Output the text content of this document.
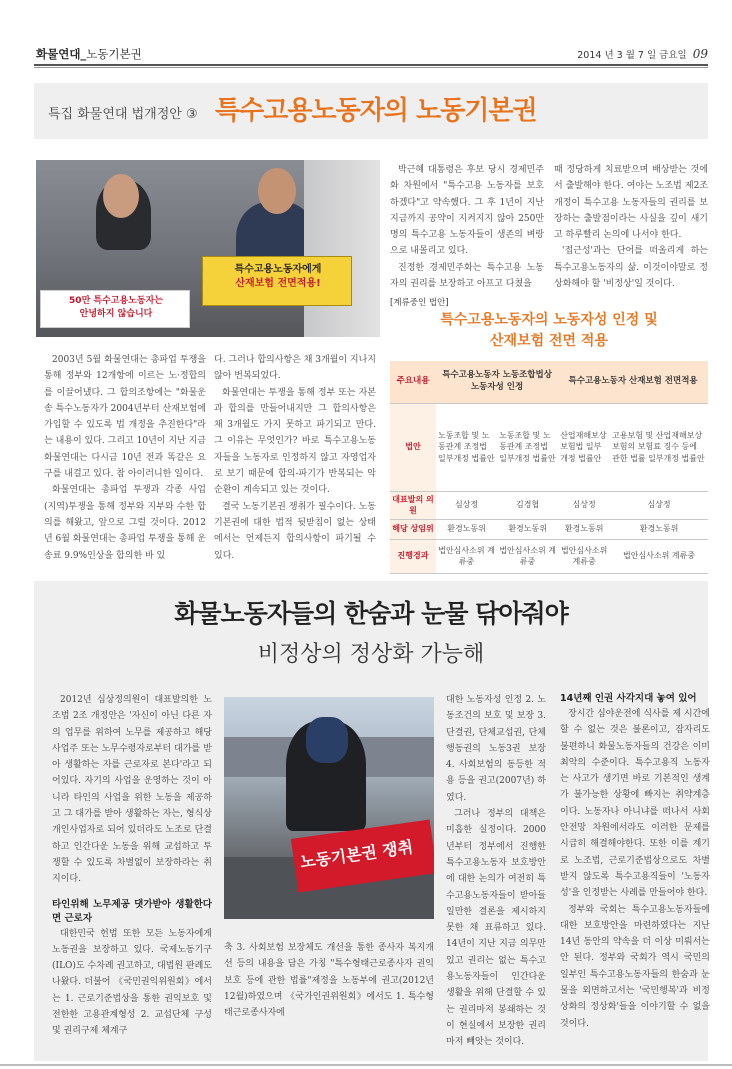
화물연대_노동기본권	2014 년 3 월 7 일 금요일 09
특집 화물연대 법개정안 ③ 특수고용노동자의 노동기본권
50만 특수고용노동자는
안녕하지 않습니다
특수고용노동자에게
산재보험 전면적용!

2003년 5월 화물연대는 총파업 투쟁을 통해 정부와 12개항에 이르는 노·정합의를 이끌어냈다. 그 합의조항에는 "화물운송 특수노동자가 2004년부터 산재보험에 가입할 수 있도록 법 개정을 추진한다"라는 내용이 있다. 그리고 10년이 지난 지금 화물연대는 다시금 10년 전과 똑같은 요구를 내걸고 있다. 참 아이러니한 일이다.

화물연대는 총파업 투쟁과 각종 사업(지역)투쟁을 통해 정부와 지부와 수한 합의를 해왔고, 앞으로 그럴 것이다. 2012년 6월 화물연대는 총파업 투쟁을 통해 운송료 9.9%인상을 합의한 바 있

다. 그러나 합의사항은 채 3개월이 지나지 않아 번복되었다.

화물연대는 투쟁을 통해 정부 또는 자본과 합의를 만들어내지만 그 합의사항은 채 3개월도 가지 못하고 파기되고 만다. 그 이유는 무엇인가? 바로 특수고용노동자들을 노동자로 인정하지 않고 자영업자로 보기 때문에 합의-파기가 반복되는 악순환이 계속되고 있는 것이다.

결국 노동기본권 쟁취가 필수이다. 노동기본권에 대한 법적 뒷받침이 없는 상태에서는 언제든지 합의사항이 파기될 수 있다.

박근혜 대통령은 후보 당시 경제민주화 차원에서 "특수고용 노동자를 보호하겠다"고 약속했다. 그 후 1년이 지난 지금까지 공약이 지켜지지 않아 250만 명의 특수고용 노동자들이 생존의 벼랑으로 내몰리고 있다.

진정한 경제민주화는 특수고용 노동자의 권리를 보장하고 아프고 다쳤을

때 정당하게 치료받으며 배상받는 것에서 출발해야 한다. 여야는 노조법 제2조 개정이 특수고용 노동자들의 권리를 보장하는 출발점이라는 사실을 깊이 새기고 하루빨리 논의에 나서야 한다.

'접근성'과는 단어를 떠올리게 하는 특수고용노동자의 삶. 이것이야말로 정상화해야 할 '비정상'일 것이다.

[계류중인 법안]
특수고용노동자의 노동자성 인정 및
산재보험 전면 적용
주요내용	특수고용노동자 노동조합법상 노동자성 인정		특수고용노동자 산재보험 전면적용	
법안	노동조합 및 노동관계 조정법 일부개정 법률안	노동조합 및 노동관계 조정법 일부개정 법률안	산업재해보상 보험법 일부개정 법률안	고용보험 및 산업재해보상 보험의 보험료 징수 등에 관한 법률 일부개정 법률안
대표발의 의원	심상정	김경협	심상정	심상정
해당 상임위	환경노동위	환경노동위	환경노동위	환경노동위
진행경과	법안심사소위 계류중	법안심사소위 계류중	법안심사소위 계류중	법안심사소위 계류중
화물노동자들의 한숨과 눈물 닦아줘야
비정상의 정상화 가능해
노동기본권 쟁취

2012년 심상정의원이 대표발의한 노조법 2조 개정안은 '자신이 아닌 다른 자의 업무를 위하여 노무를 제공하고 해당 사업주 또는 노무수령자로부터 대가를 받아 생활하는 자를 근로자로 본다'라고 되어있다. 자기의 사업을 운영하는 것이 아니라 타인의 사업을 위한 노동을 제공하고 그 대가를 받아 생활하는 자는, 형식상 개인사업자로 되어 있더라도 노조로 단결하고 인간다운 노동을 위해 교섭하고 투쟁할 수 있도록 차별없이 보장하라는 취지이다.

타인위해 노무제공 댓가받아 생활한다면 근로자

대한민국 헌법 또한 모든 노동자에게 노동권을 보장하고 있다. 국제노동기구(ILO)도 수차례 권고하고, 대법원 판례도 나왔다. 더불어 《국민권익위원회》에서는 1. 근로기준법상을 통한 권익보호 및 전한한 고용관계형성 2. 교섭단체 구성 및 권리구제 체계구

축 3. 사회보험 보장체도 개선을 통한 종사자 복지개선 등의 내용을 담은 가칭 "특수형태근로종사자 권익보호 등에 관한 법률"제정을 노동부에 권고(2012년12월)하였으며 《국가인권위원회》에서도 1. 특수형태근로종사자에

대한 노동자성 인정 2. 노동조건의 보호 및 보장 3. 단결권, 단체교섭권, 단체행동권의 노동3권 보장 4. 사회보험의 동등한 적용 등을 권고(2007년) 하였다.

그러나 정부의 대책은 미흡한 실정이다. 2000년부터 정부에서 진행한 특수고용노동자 보호방안에 대한 논의가 여전히 특수고용노동자들이 받아들일만한 결론을 제시하지 못한 채 표류하고 있다. 14년이 지난 지금 의무만 있고 권리는 없는 특수고용노동자들이 인간다운 생활을 위해 단결할 수 있는 권리마저 봉쇄하는 것이 현실에서 보장한 권리마저 빼앗는 것이다.

14년째 인권 사각지대 놓여 있어

장시간 심야운전에 식사를 제 시간에 할 수 없는 것은 불론이고, 잠자리도 불편하니 화물노동자들의 건강은 이미 최악의 수준이다. 특수고용직 노동자는 사고가 생기면 바로 기본적인 생계가 불가능한 상황에 빠지는 취약계층이다. 노동자나 아니냐를 떠나서 사회 안전망 차원에서라도 이러한 문제를 시급히 해결해야한다. 또한 이를 계기로 노조법, 근로기준법상으로도 차별받지 않도록 특수고용직들이 '노동자성'을 인정받는 사례를 만들어야 한다.

정부와 국회는 특수고용노동자들에 대한 보호방안을 마련하였다는 지난 14년 동안의 약속을 더 이상 미뤄서는 안 된다. 정부와 국회가 역시 국민의 일부인 특수고용노동자들의 한숨과 눈물을 외면하고서는 '국민행복'과 비정상화의 정상화'들을 이야기할 수 없을 것이다.
